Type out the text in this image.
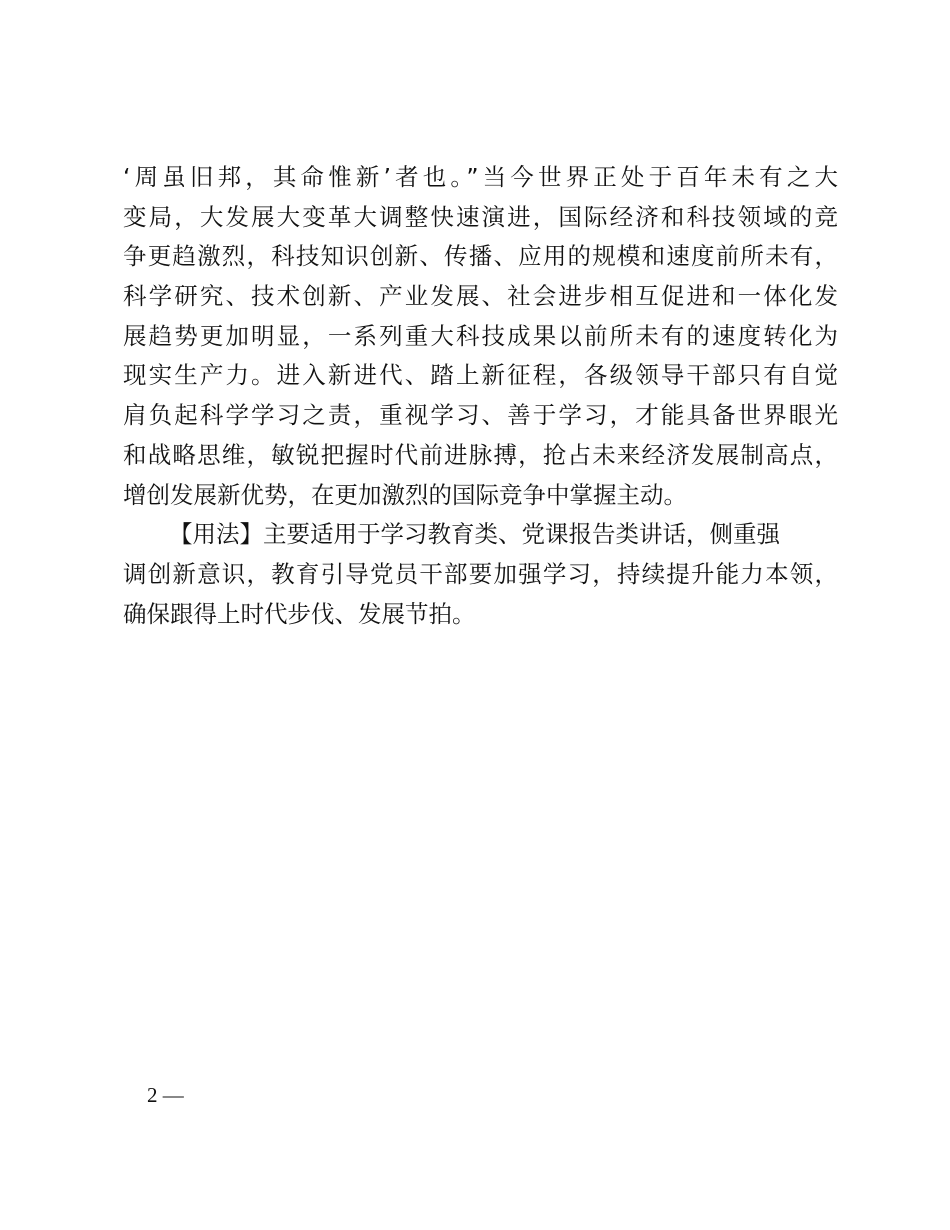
‘周虽旧邦，其命惟新’者也。”当今世界正处于百年未有之大
变局，大发展大变革大调整快速演进，国际经济和科技领域的竞
争更趋激烈，科技知识创新、传播、应用的规模和速度前所未有，
科学研究、技术创新、产业发展、社会进步相互促进和一体化发
展趋势更加明显，一系列重大科技成果以前所未有的速度转化为
现实生产力。进入新进代、踏上新征程，各级领导干部只有自觉
肩负起科学学习之责，重视学习、善于学习，才能具备世界眼光
和战略思维，敏锐把握时代前进脉搏，抢占未来经济发展制高点，
增创发展新优势，在更加激烈的国际竞争中掌握主动。
【用法】主要适用于学习教育类、党课报告类讲话，侧重强
调创新意识，教育引导党员干部要加强学习，持续提升能力本领，
确保跟得上时代步伐、发展节拍。
2 —
